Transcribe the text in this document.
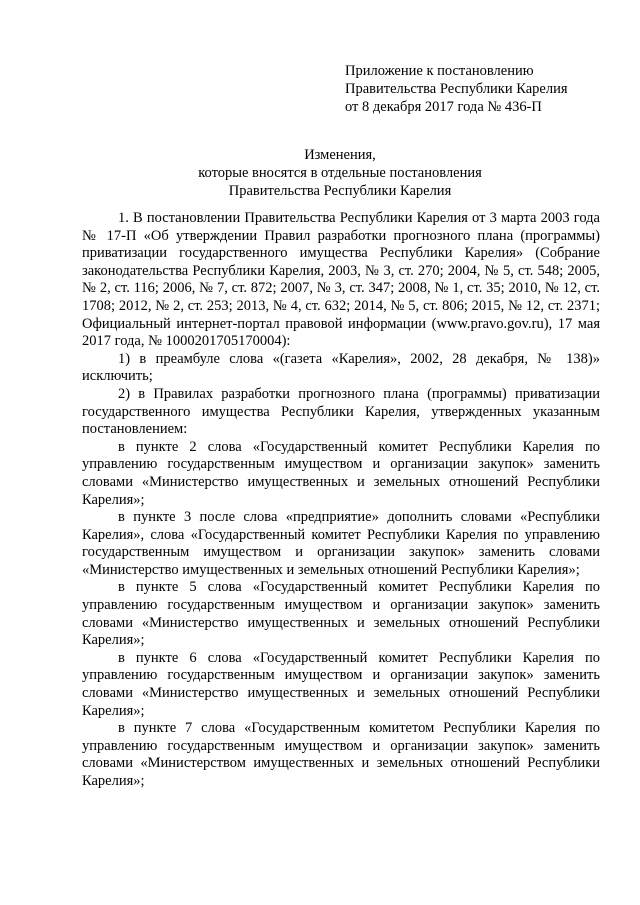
Приложение к постановлению
Правительства Республики Карелия
от 8 декабря 2017 года № 436-П
Изменения,
которые вносятся в отдельные постановления
Правительства Республики Карелия

1. В постановлении Правительства Республики Карелия от 3 марта 2003 года № 17-П «Об утверждении Правил разработки прогнозного плана (программы) приватизации государственного имущества Республики Карелия» (Собрание законодательства Республики Карелия, 2003, № 3, ст. 270; 2004, № 5, ст. 548; 2005, № 2, ст. 116; 2006, № 7, ст. 872; 2007, № 3, ст. 347; 2008, № 1, ст. 35; 2010, № 12, ст. 1708; 2012, № 2, ст. 253; 2013, № 4, ст. 632; 2014, № 5, ст. 806; 2015, № 12, ст. 2371; Официальный интернет-портал правовой информации (www.pravo.gov.ru), 17 мая 2017 года, № 1000201705170004):

1) в преамбуле слова «(газета «Карелия», 2002, 28 декабря, № 138)» исключить;

2) в Правилах разработки прогнозного плана (программы) приватизации государственного имущества Республики Карелия, утвержденных указанным постановлением:

в пункте 2 слова «Государственный комитет Республики Карелия по управлению государственным имуществом и организации закупок» заменить словами «Министерство имущественных и земельных отношений Республики Карелия»;

в пункте 3 после слова «предприятие» дополнить словами «Республики Карелия», слова «Государственный комитет Республики Карелия по управлению государственным имуществом и организации закупок» заменить словами «Министерство имущественных и земельных отношений Республики Карелия»;

в пункте 5 слова «Государственный комитет Республики Карелия по управлению государственным имуществом и организации закупок» заменить словами «Министерство имущественных и земельных отношений Республики Карелия»;

в пункте 6 слова «Государственный комитет Республики Карелия по управлению государственным имуществом и организации закупок» заменить словами «Министерство имущественных и земельных отношений Республики Карелия»;

в пункте 7 слова «Государственным комитетом Республики Карелия по управлению государственным имуществом и организации закупок» заменить словами «Министерством имущественных и земельных отношений Республики Карелия»;
